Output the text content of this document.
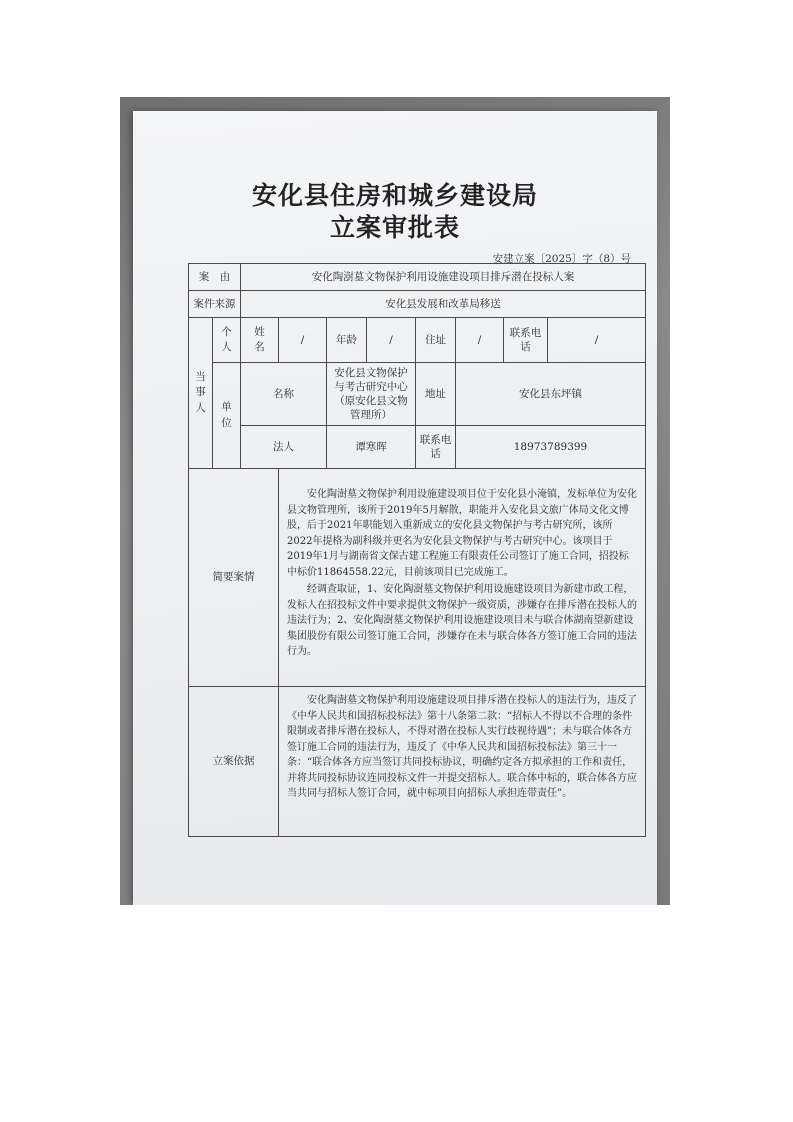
安化县住房和城乡建设局
立案审批表
安建立案〔2025〕字（8）号
案　由		安化陶澍墓文物保护利用设施建设项目排斥潜在投标人案							
案件来源		安化县发展和改革局移送							

当事人	个人	姓名	/	年龄	/	住址	/	联系电话	/

	单位	名称		安化县文物保护与考古研究中心（原安化县文物管理所）		地址	安化县东坪镇		
		法人		谭寒晖		联系电话	18973789399		
简要案情			安化陶澍墓文物保护利用设施建设项目位于安化县小淹镇，发标单位为安化县文物管理所，该所于2019年5月解散，职能并入安化县文旅广体局文化文博股，后于2021年职能划入重新成立的安化县文物保护与考古研究所，该所2022年提格为副科级并更名为安化县文物保护与考古研究中心。该项目于2019年1月与湖南省文保古建工程施工有限责任公司签订了施工合同，招投标中标价11864558.22元，目前该项目已完成施工。

经调查取证，1、安化陶澍墓文物保护利用设施建设项目为新建市政工程，发标人在招投标文件中要求提供文物保护一级资质，涉嫌存在排斥潜在投标人的违法行为；2、安化陶澍墓文物保护利用设施建设项目未与联合体湖南望新建设集团股份有限公司签订施工合同，涉嫌存在未与联合体各方签订施工合同的违法行为。						

立案依据			安化陶澍墓文物保护利用设施建设项目排斥潜在投标人的违法行为，违反了《中华人民共和国招标投标法》第十八条第二款：“招标人不得以不合理的条件限制或者排斥潜在投标人，不得对潜在投标人实行歧视待遇”；未与联合体各方签订施工合同的违法行为，违反了《中华人民共和国招标投标法》第三十一条：“联合体各方应当签订共同投标协议，明确约定各方拟承担的工作和责任，并将共同投标协议连同投标文件一并提交招标人。联合体中标的，联合体各方应当共同与招标人签订合同，就中标项目向招标人承担连带责任”。						
